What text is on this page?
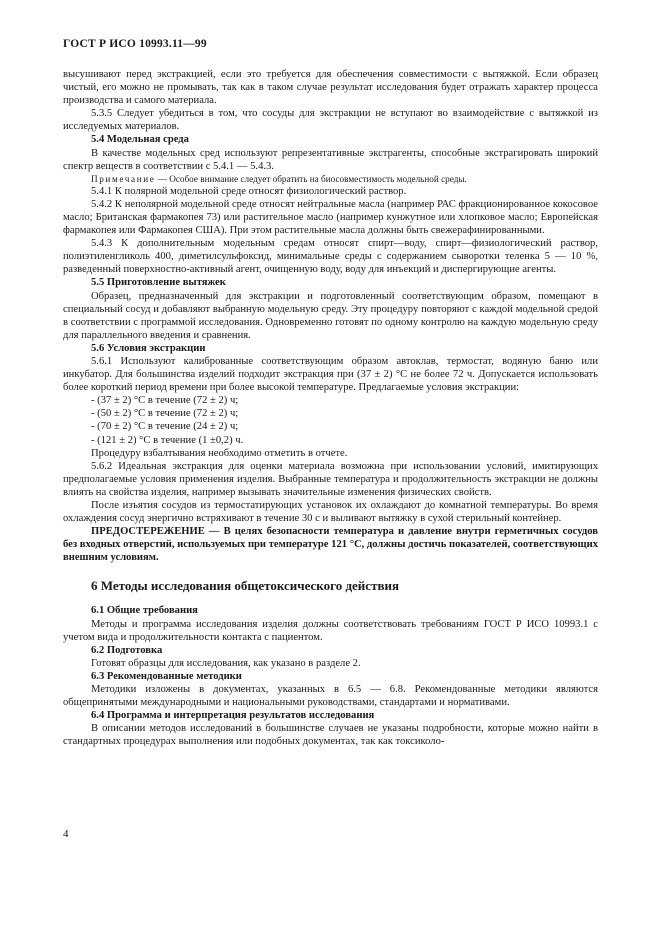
ГОСТ Р ИСО 10993.11—99

высушивают перед экстракцией, если это требуется для обеспечения совместимости с вытяжкой. Если образец чистый, его можно не промывать, так как в таком случае результат исследования будет отражать характер процесса производства и самого материала.

5.3.5 Следует убедиться в том, что сосуды для экстракции не вступают во взаимодействие с вытяжкой из исследуемых материалов.

5.4 Модельная среда

В качестве модельных сред используют репрезентативные экстрагенты, способные экстрагировать широкий спектр веществ в соответствии с 5.4.1 — 5.4.3.

Примечание — Особое внимание следует обратить на биосовместимость модельной среды.

5.4.1 К полярной модельной среде относят физиологический раствор.

5.4.2 К неполярной модельной среде относят нейтральные масла (например РАС фракционированное кокосовое масло; Британская фармакопея 73) или растительное масло (например кунжутное или хлопковое масло; Европейская фармакопея или Фармакопея США). При этом растительные масла должны быть свежерафинированными.

5.4.3 К дополнительным модельным средам относят спирт—воду, спирт—физиологический раствор, полиэтиленгликоль 400, диметилсульфоксид, минимальные среды с содержанием сыворотки теленка 5 — 10 %, разведенный поверхностно-активный агент, очищенную воду, воду для инъекций и диспергирующие агенты.

5.5 Приготовление вытяжек

Образец, предназначенный для экстракции и подготовленный соответствующим образом, помещают в специальный сосуд и добавляют выбранную модельную среду. Эту процедуру повторяют с каждой модельной средой в соответствии с программой исследования. Одновременно готовят по одному контролю на каждую модельную среду для параллельного введения и сравнения.

5.6 Условия экстракции

5.6.1 Используют калиброванные соответствующим образом автоклав, термостат, водяную баню или инкубатор. Для большинства изделий подходит экстракция при (37 ± 2) °С не более 72 ч. Допускается использовать более короткий период времени при более высокой температуре. Предлагаемые условия экстракции:

- (37 ± 2) °С в течение (72 ± 2) ч;

- (50 ± 2) °С в течение (72 ± 2) ч;

- (70 ± 2) °С в течение (24 ± 2) ч;

- (121 ± 2) °С в течение (1 ±0,2) ч.

Процедуру взбалтывания необходимо отметить в отчете.

5.6.2 Идеальная экстракция для оценки материала возможна при использовании условий, имитирующих предполагаемые условия применения изделия. Выбранные температура и продолжительность экстракции не должны влиять на свойства изделия, например вызывать значительные изменения физических свойств.

После изъятия сосудов из термостатирующих установок их охлаждают до комнатной температуры. Во время охлаждения сосуд энергично встряхивают в течение 30 с и выливают вытяжку в сухой стерильный контейнер.

ПРЕДОСТЕРЕЖЕНИЕ — В целях безопасности температура и давление внутри герметичных сосудов без входных отверстий, используемых при температуре 121 °С, должны достичь показателей, соответствующих внешним условиям.

6 Методы исследования общетоксического действия

6.1 Общие требования

Методы и программа исследования изделия должны соответствовать требованиям ГОСТ Р ИСО 10993.1 с учетом вида и продолжительности контакта с пациентом.

6.2 Подготовка

Готовят образцы для исследования, как указано в разделе 2.

6.3 Рекомендованные методики

Методики изложены в документах, указанных в 6.5 — 6.8. Рекомендованные методики являются общепринятыми международными и национальными руководствами, стандартами и нормативами.

6.4 Программа и интерпретация результатов исследования

В описании методов исследований в большинстве случаев не указаны подробности, которые можно найти в стандартных процедурах выполнения или подобных документах, так как токсиколо-

4
